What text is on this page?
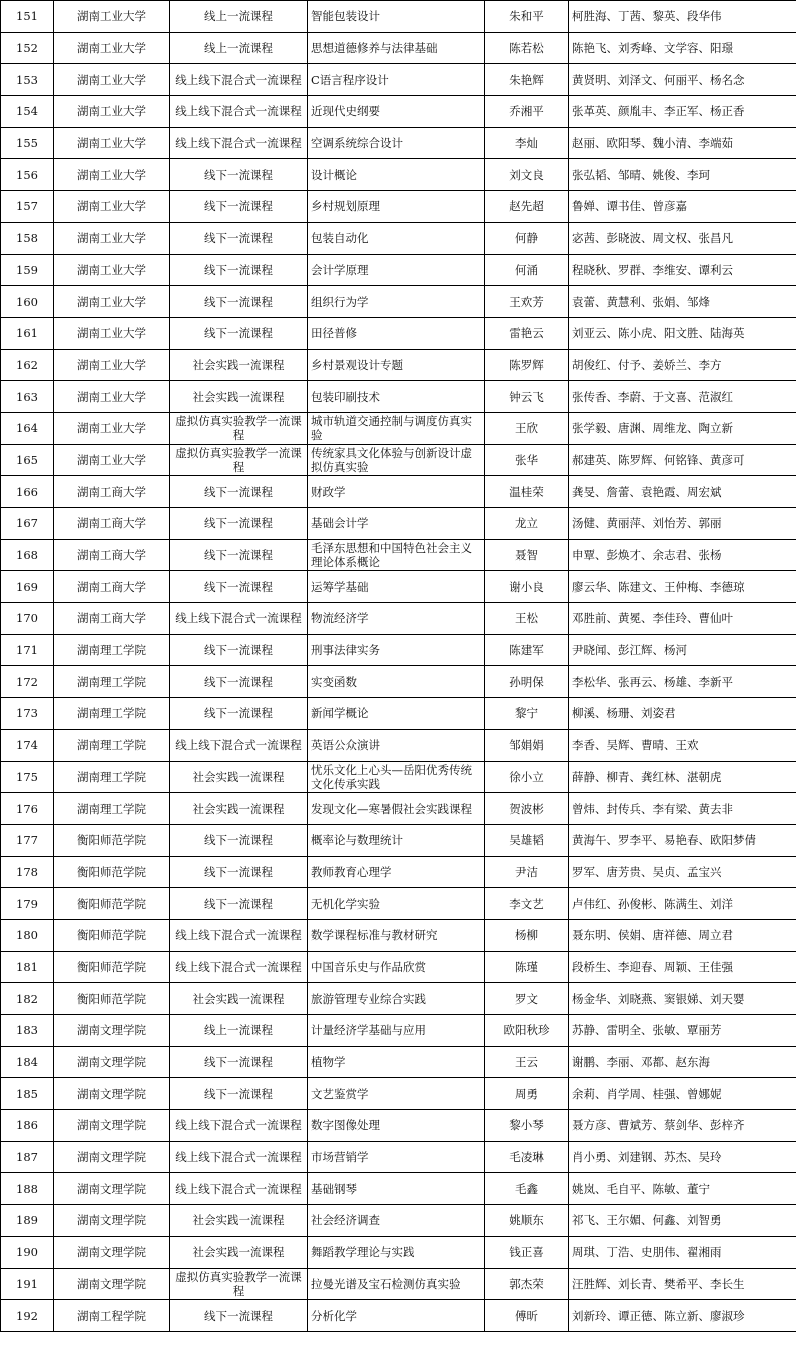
151	湖南工业大学	线上一流课程	智能包装设计	朱和平	柯胜海、丁茜、黎英、段华伟
152	湖南工业大学	线上一流课程	思想道德修养与法律基础	陈若松	陈艳飞、刘秀峰、文学容、阳璟
153	湖南工业大学	线上线下混合式一流课程	C语言程序设计	朱艳辉	黄贤明、刘泽文、何丽平、杨名念
154	湖南工业大学	线上线下混合式一流课程	近现代史纲要	乔湘平	张革英、颜胤丰、李正军、杨正香
155	湖南工业大学	线上线下混合式一流课程	空调系统综合设计	李灿	赵丽、欧阳琴、魏小清、李端茹
156	湖南工业大学	线下一流课程	设计概论	刘文良	张弘韬、邹晴、姚俊、李珂
157	湖南工业大学	线下一流课程	乡村规划原理	赵先超	鲁婵、谭书佳、曾彦嘉
158	湖南工业大学	线下一流课程	包装自动化	何静	宓茜、彭晓波、周文权、张昌凡
159	湖南工业大学	线下一流课程	会计学原理	何涌	程晓秋、罗群、李维安、谭利云
160	湖南工业大学	线下一流课程	组织行为学	王欢芳	袁蕾、黄慧利、张娟、邹烽
161	湖南工业大学	线下一流课程	田径普修	雷艳云	刘亚云、陈小虎、阳文胜、陆海英
162	湖南工业大学	社会实践一流课程	乡村景观设计专题	陈罗辉	胡俊红、付予、姜娇兰、李方
163	湖南工业大学	社会实践一流课程	包装印刷技术	钟云飞	张传香、李蔚、于文喜、范淑红
164	湖南工业大学	虚拟仿真实验教学一流课程	城市轨道交通控制与调度仿真实验	王欣	张学毅、唐渊、周维龙、陶立新
165	湖南工业大学	虚拟仿真实验教学一流课程	传统家具文化体验与创新设计虚拟仿真实验	张华	郝建英、陈罗辉、何铭锋、黄彦可
166	湖南工商大学	线下一流课程	财政学	温桂荣	龚旻、詹蕾、袁艳霞、周宏斌
167	湖南工商大学	线下一流课程	基础会计学	龙立	汤健、黄丽萍、刘怡芳、郭丽
168	湖南工商大学	线下一流课程	毛泽东思想和中国特色社会主义理论体系概论	聂智	申覃、彭焕才、余志君、张杨
169	湖南工商大学	线下一流课程	运筹学基础	谢小良	廖云华、陈建文、王仲梅、李德琼
170	湖南工商大学	线上线下混合式一流课程	物流经济学	王松	邓胜前、黄冕、李佳玲、曹仙叶
171	湖南理工学院	线下一流课程	刑事法律实务	陈建军	尹晓闻、彭江辉、杨河
172	湖南理工学院	线下一流课程	实变函数	孙明保	李松华、张再云、杨雄、李新平
173	湖南理工学院	线下一流课程	新闻学概论	黎宁	柳溪、杨珊、刘姿君
174	湖南理工学院	线上线下混合式一流课程	英语公众演讲	邹娟娟	李香、吴辉、曹晴、王欢
175	湖南理工学院	社会实践一流课程	忧乐文化上心头—岳阳优秀传统文化传承实践	徐小立	薛静、柳青、龚红林、湛朝虎
176	湖南理工学院	社会实践一流课程	发现文化—寒暑假社会实践课程	贺波彬	曾炜、封传兵、李有梁、黄去非
177	衡阳师范学院	线下一流课程	概率论与数理统计	吴雄韬	黄海午、罗李平、易艳春、欧阳梦倩
178	衡阳师范学院	线下一流课程	教师教育心理学	尹洁	罗军、唐芳贵、吴贞、孟宝兴
179	衡阳师范学院	线下一流课程	无机化学实验	李文艺	卢伟红、孙俊彬、陈满生、刘洋
180	衡阳师范学院	线上线下混合式一流课程	数学课程标准与教材研究	杨柳	聂东明、侯娟、唐祥德、周立君
181	衡阳师范学院	线上线下混合式一流课程	中国音乐史与作品欣赏	陈瑾	段桥生、李迎春、周颖、王佳强
182	衡阳师范学院	社会实践一流课程	旅游管理专业综合实践	罗文	杨金华、刘晓燕、窦银娣、刘天婴
183	湖南文理学院	线上一流课程	计量经济学基础与应用	欧阳秋珍	苏静、雷明全、张敏、覃丽芳
184	湖南文理学院	线下一流课程	植物学	王云	谢鹏、李丽、邓都、赵东海
185	湖南文理学院	线下一流课程	文艺鉴赏学	周勇	余莉、肖学周、桂强、曾娜妮
186	湖南文理学院	线上线下混合式一流课程	数字图像处理	黎小琴	聂方彦、曹斌芳、蔡剑华、彭梓齐
187	湖南文理学院	线上线下混合式一流课程	市场营销学	毛凌琳	肖小勇、刘建钢、苏杰、吴玲
188	湖南文理学院	线上线下混合式一流课程	基础钢琴	毛鑫	姚岚、毛自平、陈敏、董宁
189	湖南文理学院	社会实践一流课程	社会经济调查	姚顺东	祁飞、王尔媚、何鑫、刘智勇
190	湖南文理学院	社会实践一流课程	舞蹈教学理论与实践	钱正喜	周琪、丁浩、史朋伟、翟湘雨
191	湖南文理学院	虚拟仿真实验教学一流课程	拉曼光谱及宝石检测仿真实验	郭杰荣	汪胜辉、刘长青、樊希平、李长生
192	湖南工程学院	线下一流课程	分析化学	傅昕	刘新玲、谭正德、陈立新、廖淑珍
